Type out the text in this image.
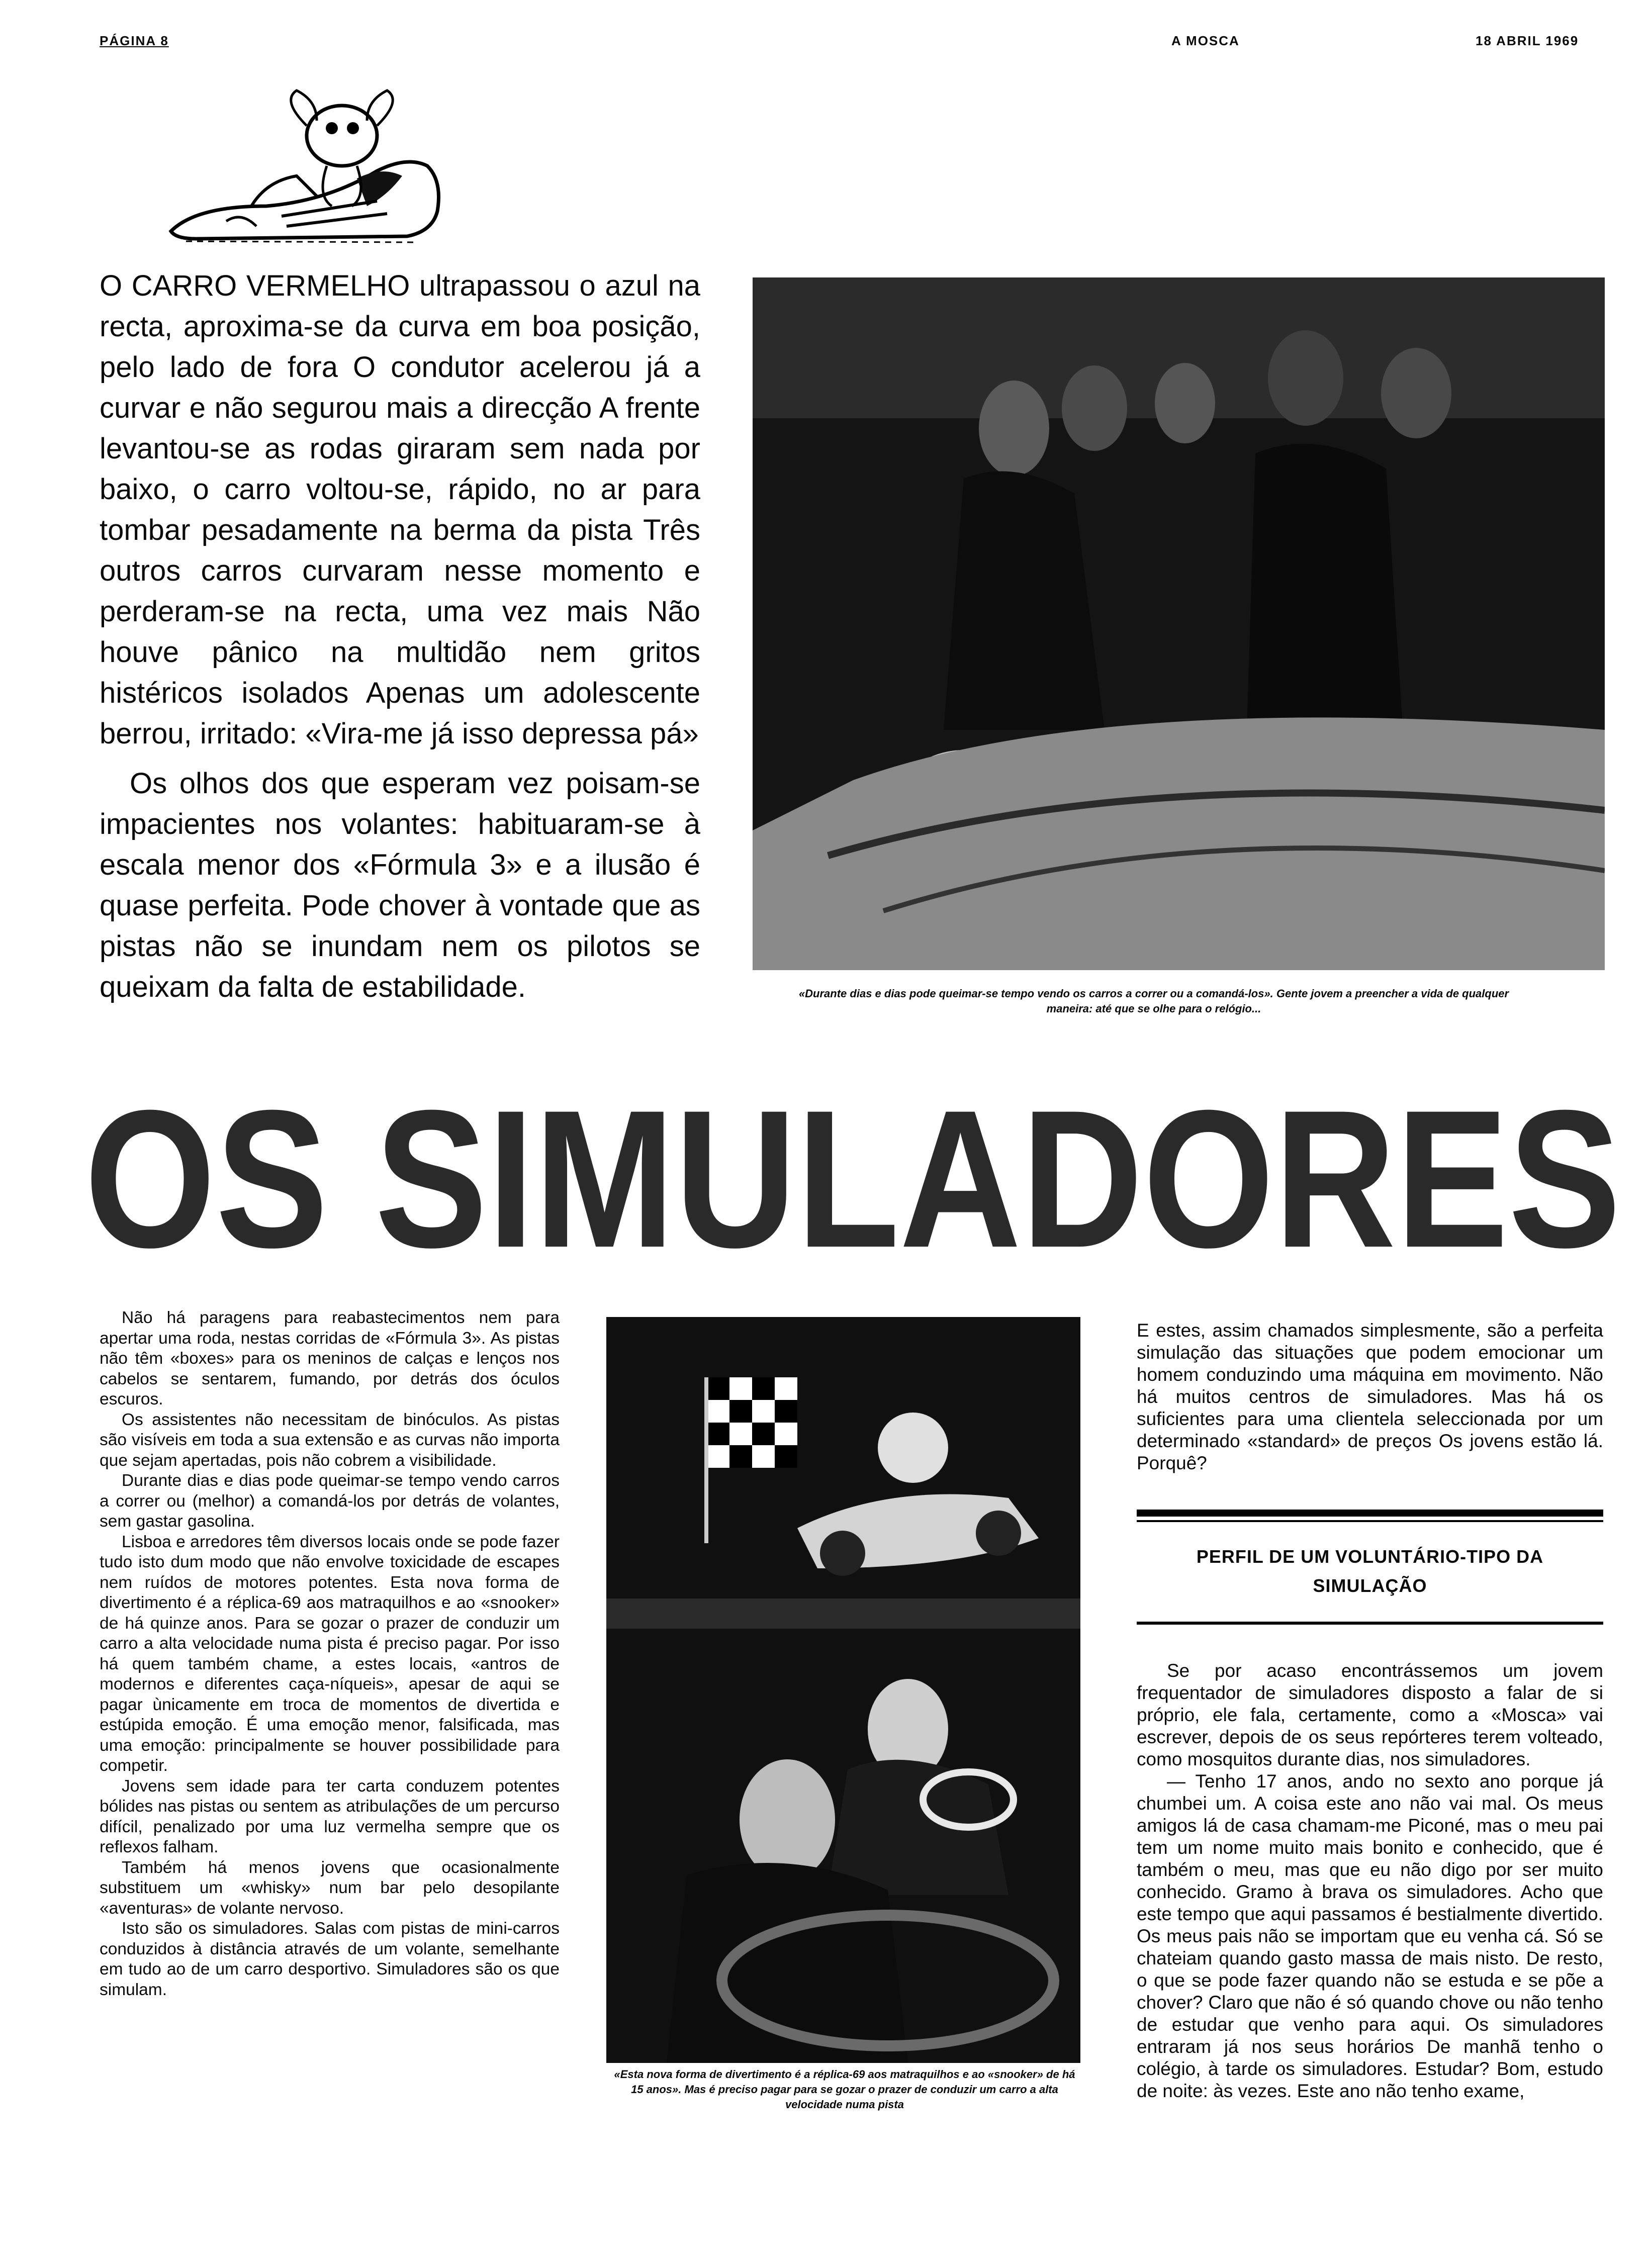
PÁGINA 8	A MOSCA	18 ABRIL 1969

O CARRO VERMELHO ultrapassou o azul na recta, aproxima-se da curva em boa posição, pelo lado de fora O condutor acelerou já a curvar e não segurou mais a direcção A frente levantou-se as rodas giraram sem nada por baixo, o carro voltou-se, rápido, no ar para tombar pesadamente na berma da pista Três outros carros curvaram nesse momento e perderam-se na recta, uma vez mais Não houve pânico na multidão nem gritos histéricos isolados Apenas um adolescente berrou, irritado: «Vira-me já isso depressa pá»

Os olhos dos que esperam vez poisam-se impacientes nos volantes: habituaram-se à escala menor dos «Fórmula 3» e a ilusão é quase perfeita. Pode chover à vontade que as pistas não se inundam nem os pilotos se queixam da falta de estabilidade.	«Durante dias e dias pode queimar-se tempo vendo os carros a correr ou a comandá-los». Gente jovem a preencher a vida de qualquer maneira: até que se olhe para o relógio...
OS SIMULADORES

Não há paragens para reabastecimentos nem para apertar uma roda, nestas corridas de «Fórmula 3». As pistas não têm «boxes» para os meninos de calças e lenços nos cabelos se sentarem, fumando, por detrás dos óculos escuros.

Os assistentes não necessitam de binóculos. As pistas são visíveis em toda a sua extensão e as curvas não importa que sejam apertadas, pois não cobrem a visibilidade.

Durante dias e dias pode queimar-se tempo vendo carros a correr ou (melhor) a comandá-los por detrás de volantes, sem gastar gasolina.

Lisboa e arredores têm diversos locais onde se pode fazer tudo isto dum modo que não envolve toxicidade de escapes nem ruídos de motores potentes. Esta nova forma de divertimento é a réplica-69 aos matraquilhos e ao «snooker» de há quinze anos. Para se gozar o prazer de conduzir um carro a alta velocidade numa pista é preciso pagar. Por isso há quem também chame, a estes locais, «antros de modernos e diferentes caça-níqueis», apesar de aqui se pagar ùnicamente em troca de momentos de divertida e estúpida emoção. É uma emoção menor, falsificada, mas uma emoção: principalmente se houver possibilidade para competir.

Jovens sem idade para ter carta conduzem potentes bólides nas pistas ou sentem as atribulações de um percurso difícil, penalizado por uma luz vermelha sempre que os reflexos falham.

Também há menos jovens que ocasionalmente substituem um «whisky» num bar pelo desopilante «aventuras» de volante nervoso.

Isto são os simuladores. Salas com pistas de mini-carros conduzidos à distância através de um volante, semelhante em tudo ao de um carro desportivo. Simuladores são os que simulam.

«Esta nova forma de divertimento é a réplica-69 aos matraquilhos e ao «snooker» de há 15 anos». Mas é preciso pagar para se gozar o prazer de conduzir um carro a alta velocidade numa pista
E estes, assim chamados simplesmente, são a perfeita simulação das situações que podem emocionar um homem conduzindo uma máquina em movimento. Não há muitos centros de simuladores. Mas há os suficientes para uma clientela seleccionada por um determinado «standard» de preços Os jovens estão lá. Porquê?
PERFIL DE UM VOLUNTÁRIO-TIPO DA SIMULAÇÃO

Se por acaso encontrássemos um jovem frequentador de simuladores disposto a falar de si próprio, ele fala, certamente, como a «Mosca» vai escrever, depois de os seus repórteres terem volteado, como mosquitos durante dias, nos simuladores.

— Tenho 17 anos, ando no sexto ano porque já chumbei um. A coisa este ano não vai mal. Os meus amigos lá de casa chamam-me Piconé, mas o meu pai tem um nome muito mais bonito e conhecido, que é também o meu, mas que eu não digo por ser muito conhecido. Gramo à brava os simuladores. Acho que este tempo que aqui passamos é bestialmente divertido. Os meus pais não se importam que eu venha cá. Só se chateiam quando gasto massa de mais nisto. De resto, o que se pode fazer quando não se estuda e se põe a chover? Claro que não é só quando chove ou não tenho de estudar que venho para aqui. Os simuladores entraram já nos seus horários De manhã tenho o colégio, à tarde os simuladores. Estudar? Bom, estudo de noite: às vezes. Este ano não tenho exame,
